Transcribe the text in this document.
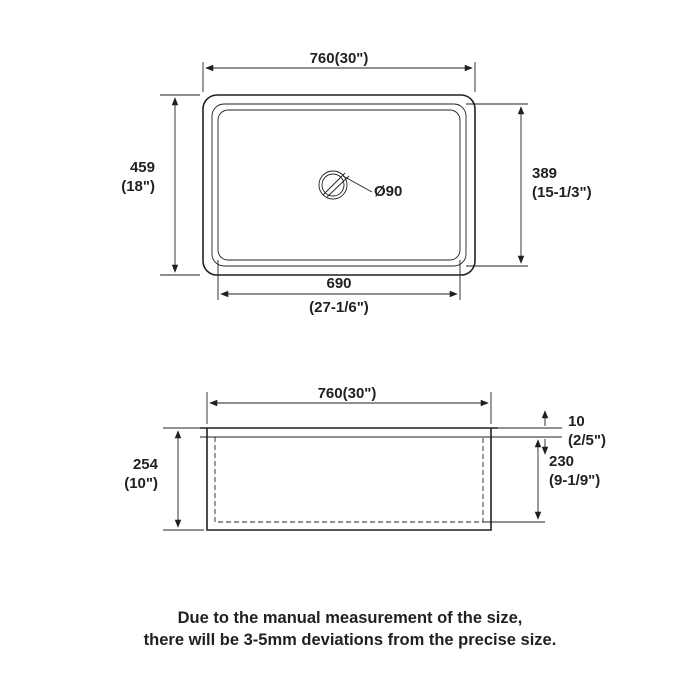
Ø90
760(30")
459
(18")
389
(15-1/3")
690
(27-1/6")
760(30")
254
(10")
230
(9-1/9")
10
(2/5")
Due to the manual measurement of the size,
there will be 3-5mm deviations from the precise size.
